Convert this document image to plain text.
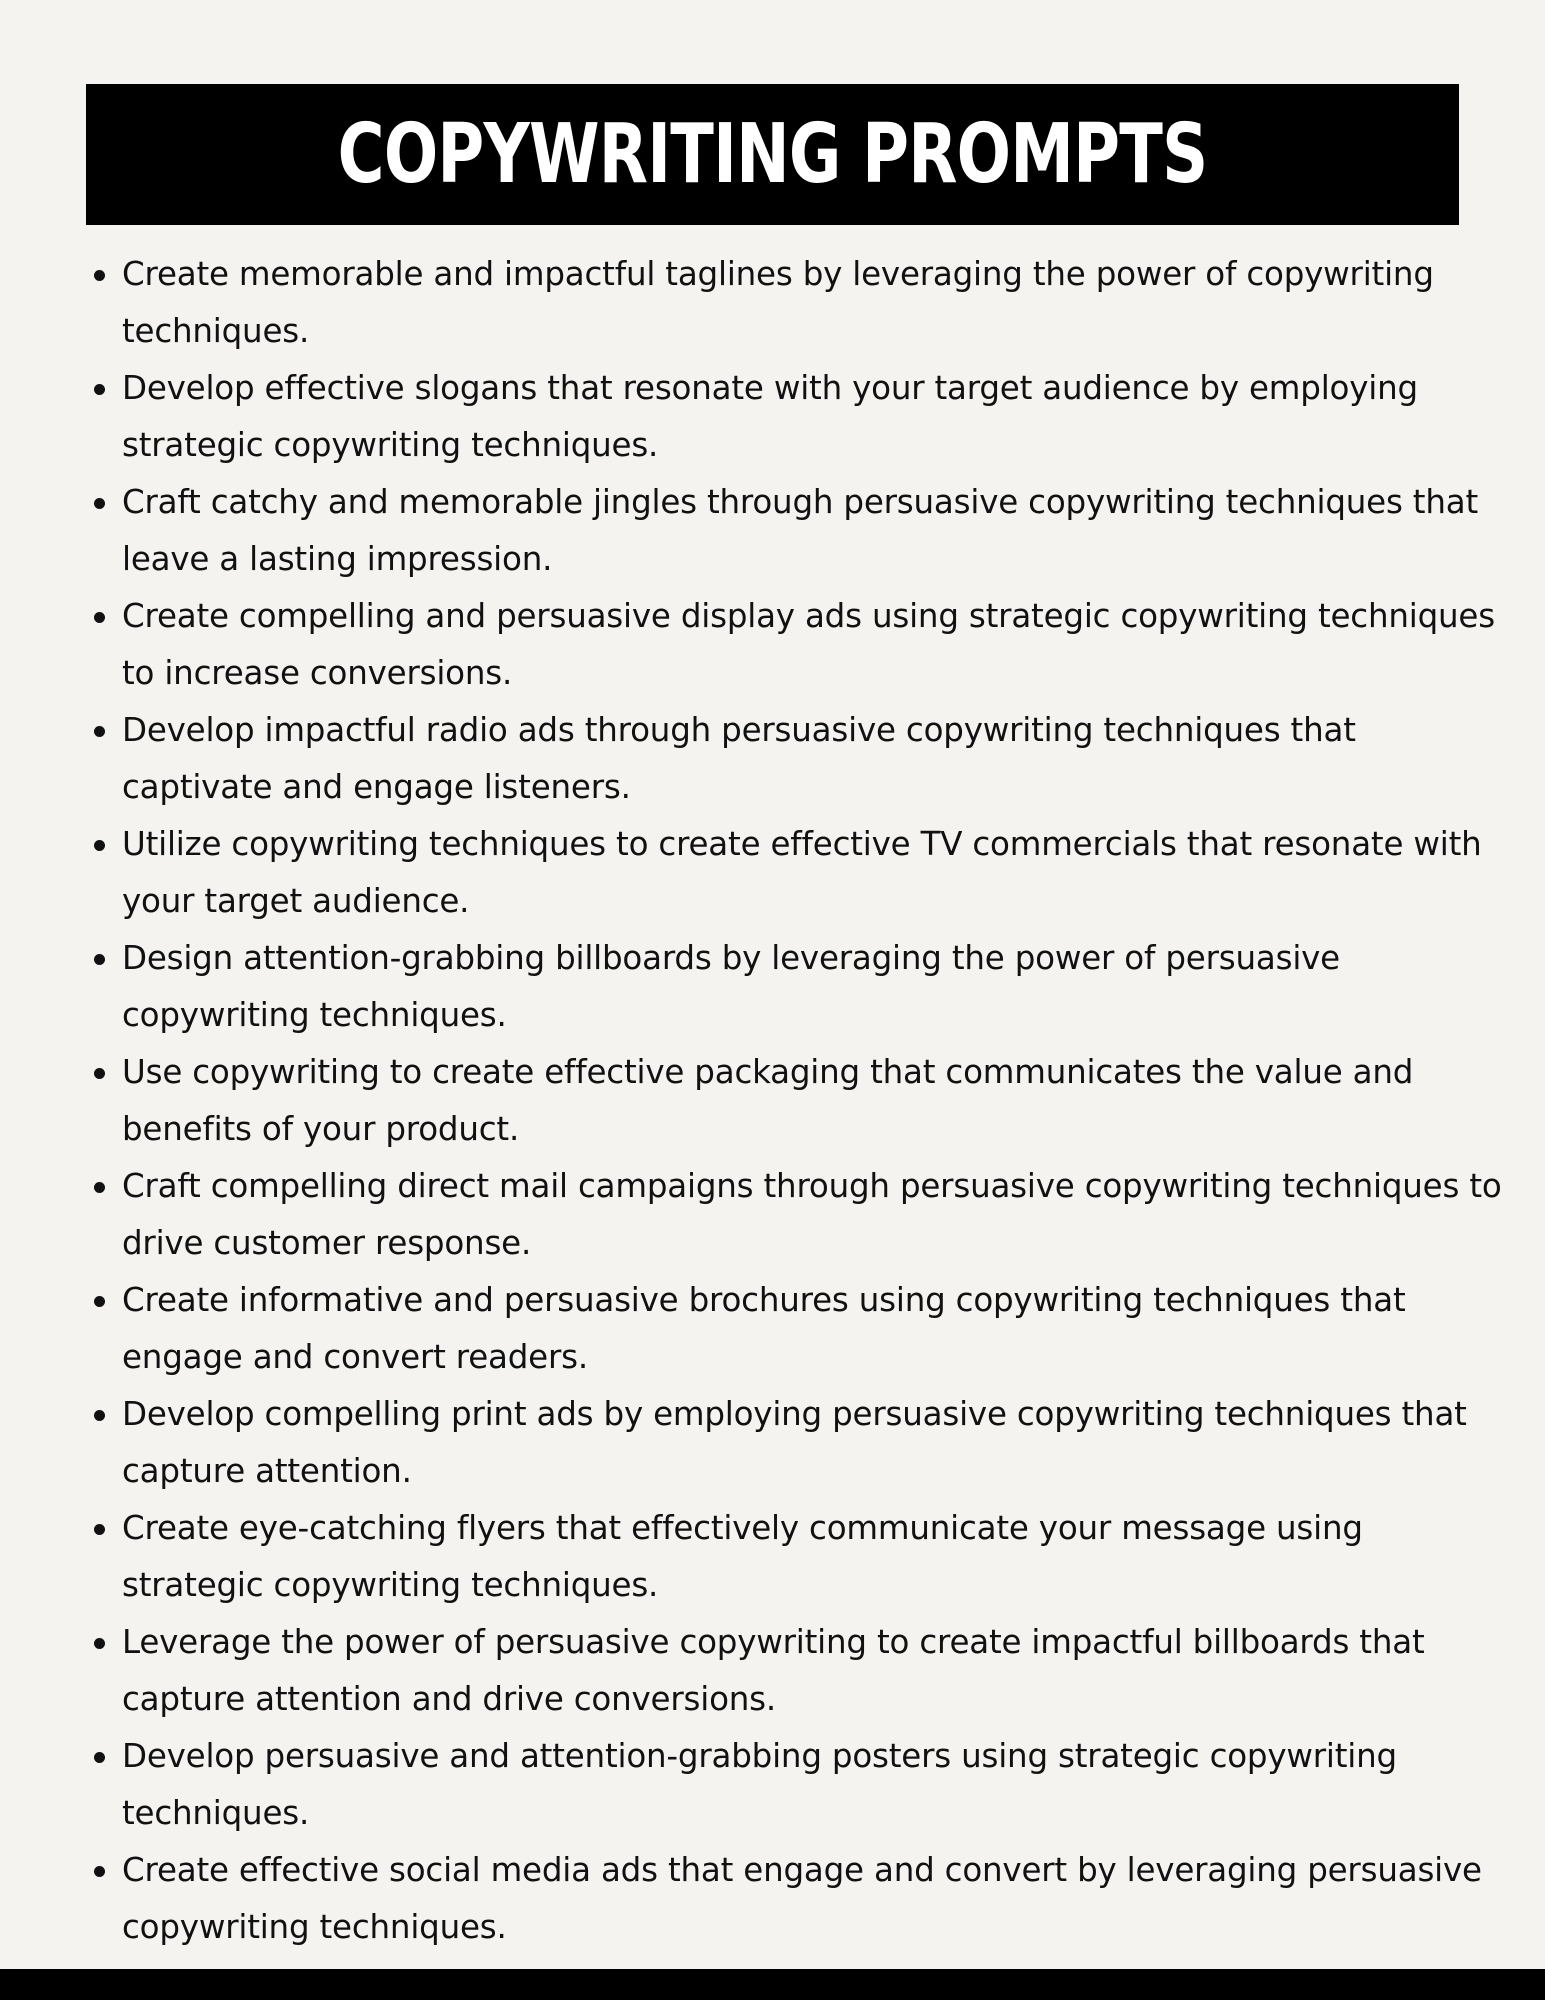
COPYWRITING PROMPTS
Create memorable and impactful taglines by leveraging the power of copywriting techniques.
Develop effective slogans that resonate with your target audience by employing strategic copywriting techniques.
Craft catchy and memorable jingles through persuasive copywriting techniques that leave a lasting impression.
Create compelling and persuasive display ads using strategic copywriting techniques to increase conversions.
Develop impactful radio ads through persuasive copywriting techniques that captivate and engage listeners.
Utilize copywriting techniques to create effective TV commercials that resonate with your target audience.
Design attention-grabbing billboards by leveraging the power of persuasive copywriting techniques.
Use copywriting to create effective packaging that communicates the value and benefits of your product.
Craft compelling direct mail campaigns through persuasive copywriting techniques to drive customer response.
Create informative and persuasive brochures using copywriting techniques that engage and convert readers.
Develop compelling print ads by employing persuasive copywriting techniques that capture attention.
Create eye-catching flyers that effectively communicate your message using strategic copywriting techniques.
Leverage the power of persuasive copywriting to create impactful billboards that capture attention and drive conversions.
Develop persuasive and attention-grabbing posters using strategic copywriting techniques.
Create effective social media ads that engage and convert by leveraging persuasive copywriting techniques.
